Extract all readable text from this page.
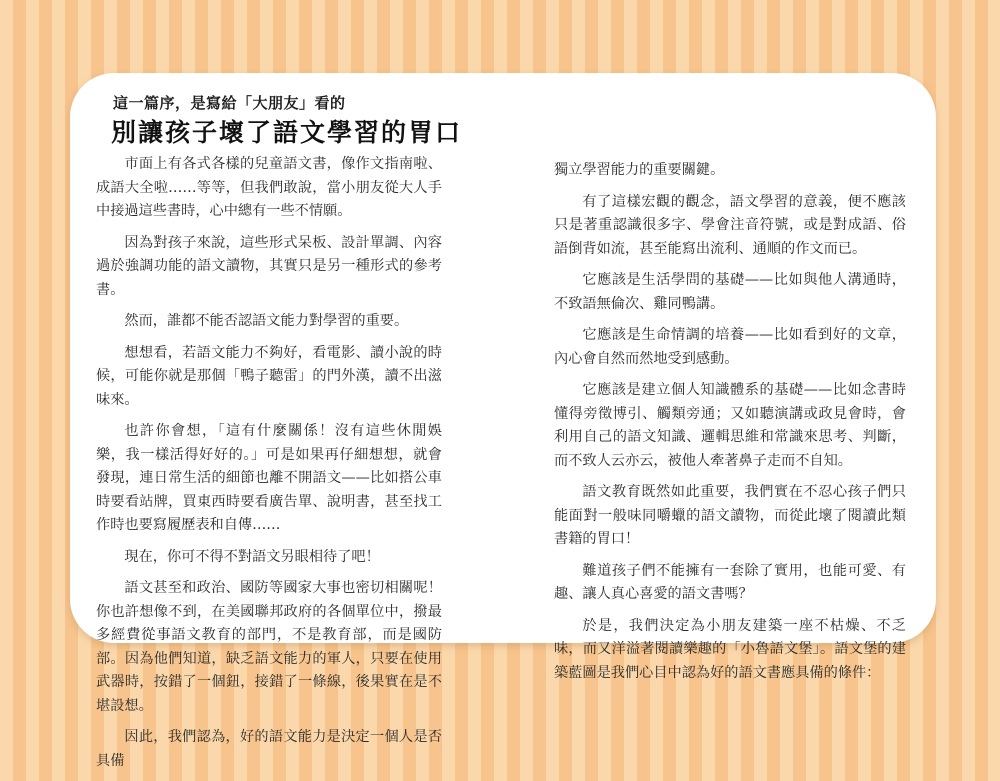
這一篇序，是寫給「大朋友」看的
別讓孩子壞了語文學習的胃口

市面上有各式各樣的兒童語文書，像作文指南啦、成語大全啦……等等，但我們敢說，當小朋友從大人手中接過這些書時，心中總有一些不情願。

因為對孩子來說，這些形式呆板、設計單調、內容過於強調功能的語文讀物，其實只是另一種形式的參考書。

然而，誰都不能否認語文能力對學習的重要。

想想看，若語文能力不夠好，看電影、讀小說的時候，可能你就是那個「鴨子聽雷」的門外漢，讀不出滋味來。

也許你會想，「這有什麼關係！沒有這些休閒娛樂，我一樣活得好好的。」可是如果再仔細想想，就會發現，連日常生活的細節也離不開語文——比如搭公車時要看站牌，買東西時要看廣告單、說明書，甚至找工作時也要寫履歷表和自傳……

現在，你可不得不對語文另眼相待了吧！

語文甚至和政治、國防等國家大事也密切相關呢！你也許想像不到，在美國聯邦政府的各個單位中，撥最多經費從事語文教育的部門，不是教育部，而是國防部。因為他們知道，缺乏語文能力的軍人，只要在使用武器時，按錯了一個鈕，接錯了一條線，後果實在是不堪設想。

因此，我們認為，好的語文能力是決定一個人是否具備

獨立學習能力的重要關鍵。

有了這樣宏觀的觀念，語文學習的意義，便不應該只是著重認識很多字、學會注音符號，或是對成語、俗語倒背如流，甚至能寫出流利、通順的作文而已。

它應該是生活學問的基礎——比如與他人溝通時，不致語無倫次、雞同鴨講。

它應該是生命情調的培養——比如看到好的文章，內心會自然而然地受到感動。

它應該是建立個人知識體系的基礎——比如念書時懂得旁徵博引、觸類旁通；又如聽演講或政見會時，會利用自己的語文知識、邏輯思維和常識來思考、判斷，而不致人云亦云，被他人牽著鼻子走而不自知。

語文教育既然如此重要，我們實在不忍心孩子們只能面對一般味同嚼蠟的語文讀物，而從此壞了閱讀此類書籍的胃口！

難道孩子們不能擁有一套除了實用，也能可愛、有趣、讓人真心喜愛的語文書嗎？

於是，我們決定為小朋友建築一座不枯燥、不乏味，而又洋溢著閱讀樂趣的「小魯語文堡」。語文堡的建築藍圖是我們心目中認為好的語文書應具備的條件：
